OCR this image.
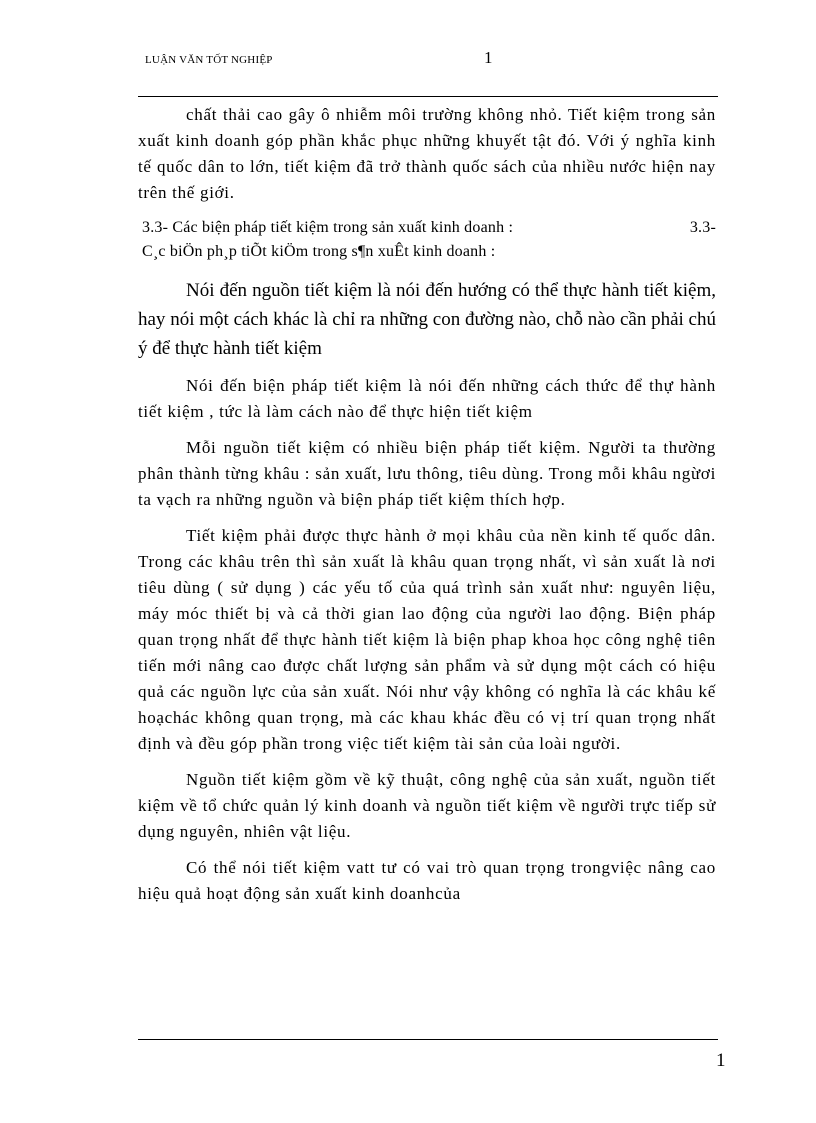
LUẬN VĂN TỐT NGHIỆP	1

chất thải cao gây ô nhiễm môi trường không nhỏ. Tiết kiệm trong sản xuất kinh doanh góp phần khắc phục những khuyết tật đó. Với ý nghĩa kinh tế quốc dân to lớn, tiết kiệm đã trở thành quốc sách của nhiều nước hiện nay trên thế giới.

3.3- Các biện pháp tiết kiệm trong sản xuất kinh doanh :	3.3-
C¸c biÖn ph¸p tiÕt kiÖm trong s¶n xuÊt kinh doanh :

Nói đến nguồn tiết kiệm là nói đến hướng có thể thực hành tiết kiệm, hay nói một cách khác là chỉ ra những con đường nào, chỗ nào cần phải chú ý để thực hành tiết kiệm

Nói đến biện pháp tiết kiệm là nói đến những cách thức để thự hành tiết kiệm , tức là làm cách nào để thực hiện tiết kiệm

Mỗi nguồn tiết kiệm có nhiều biện pháp tiết kiệm. Người ta thường phân thành từng khâu : sản xuất, lưu thông, tiêu dùng. Trong mỗi khâu ngừơi ta vạch ra những nguồn và biện pháp tiết kiệm thích hợp.

Tiết kiệm phải được thực hành ở mọi khâu của nền kinh tế quốc dân. Trong các khâu trên thì sản xuất là khâu quan trọng nhất, vì sản xuất là nơi tiêu dùng ( sử dụng ) các yếu tố của quá trình sản xuất như: nguyên liệu, máy móc thiết bị và cả thời gian lao động của người lao động. Biện pháp quan trọng nhất để thực hành tiết kiệm là biện phap khoa học công nghệ tiên tiến mới nâng cao được chất lượng sản phẩm và sử dụng một cách có hiệu quả các nguồn lực của sản xuất. Nói như vậy không có nghĩa là các khâu kế hoạchác không quan trọng, mà các khau khác đều có vị trí quan trọng nhất định và đều góp phần trong việc tiết kiệm tài sản của loài người.

Nguồn tiết kiệm gồm về kỹ thuật, công nghệ của sản xuất, nguồn tiết kiệm về tổ chức quản lý kinh doanh và nguồn tiết kiệm về người trực tiếp sử dụng nguyên, nhiên vật liệu.

Có thể nói tiết kiệm vatt tư có vai trò quan trọng trongviệc nâng cao hiệu quả hoạt động sản xuất kinh doanhcủa

1
